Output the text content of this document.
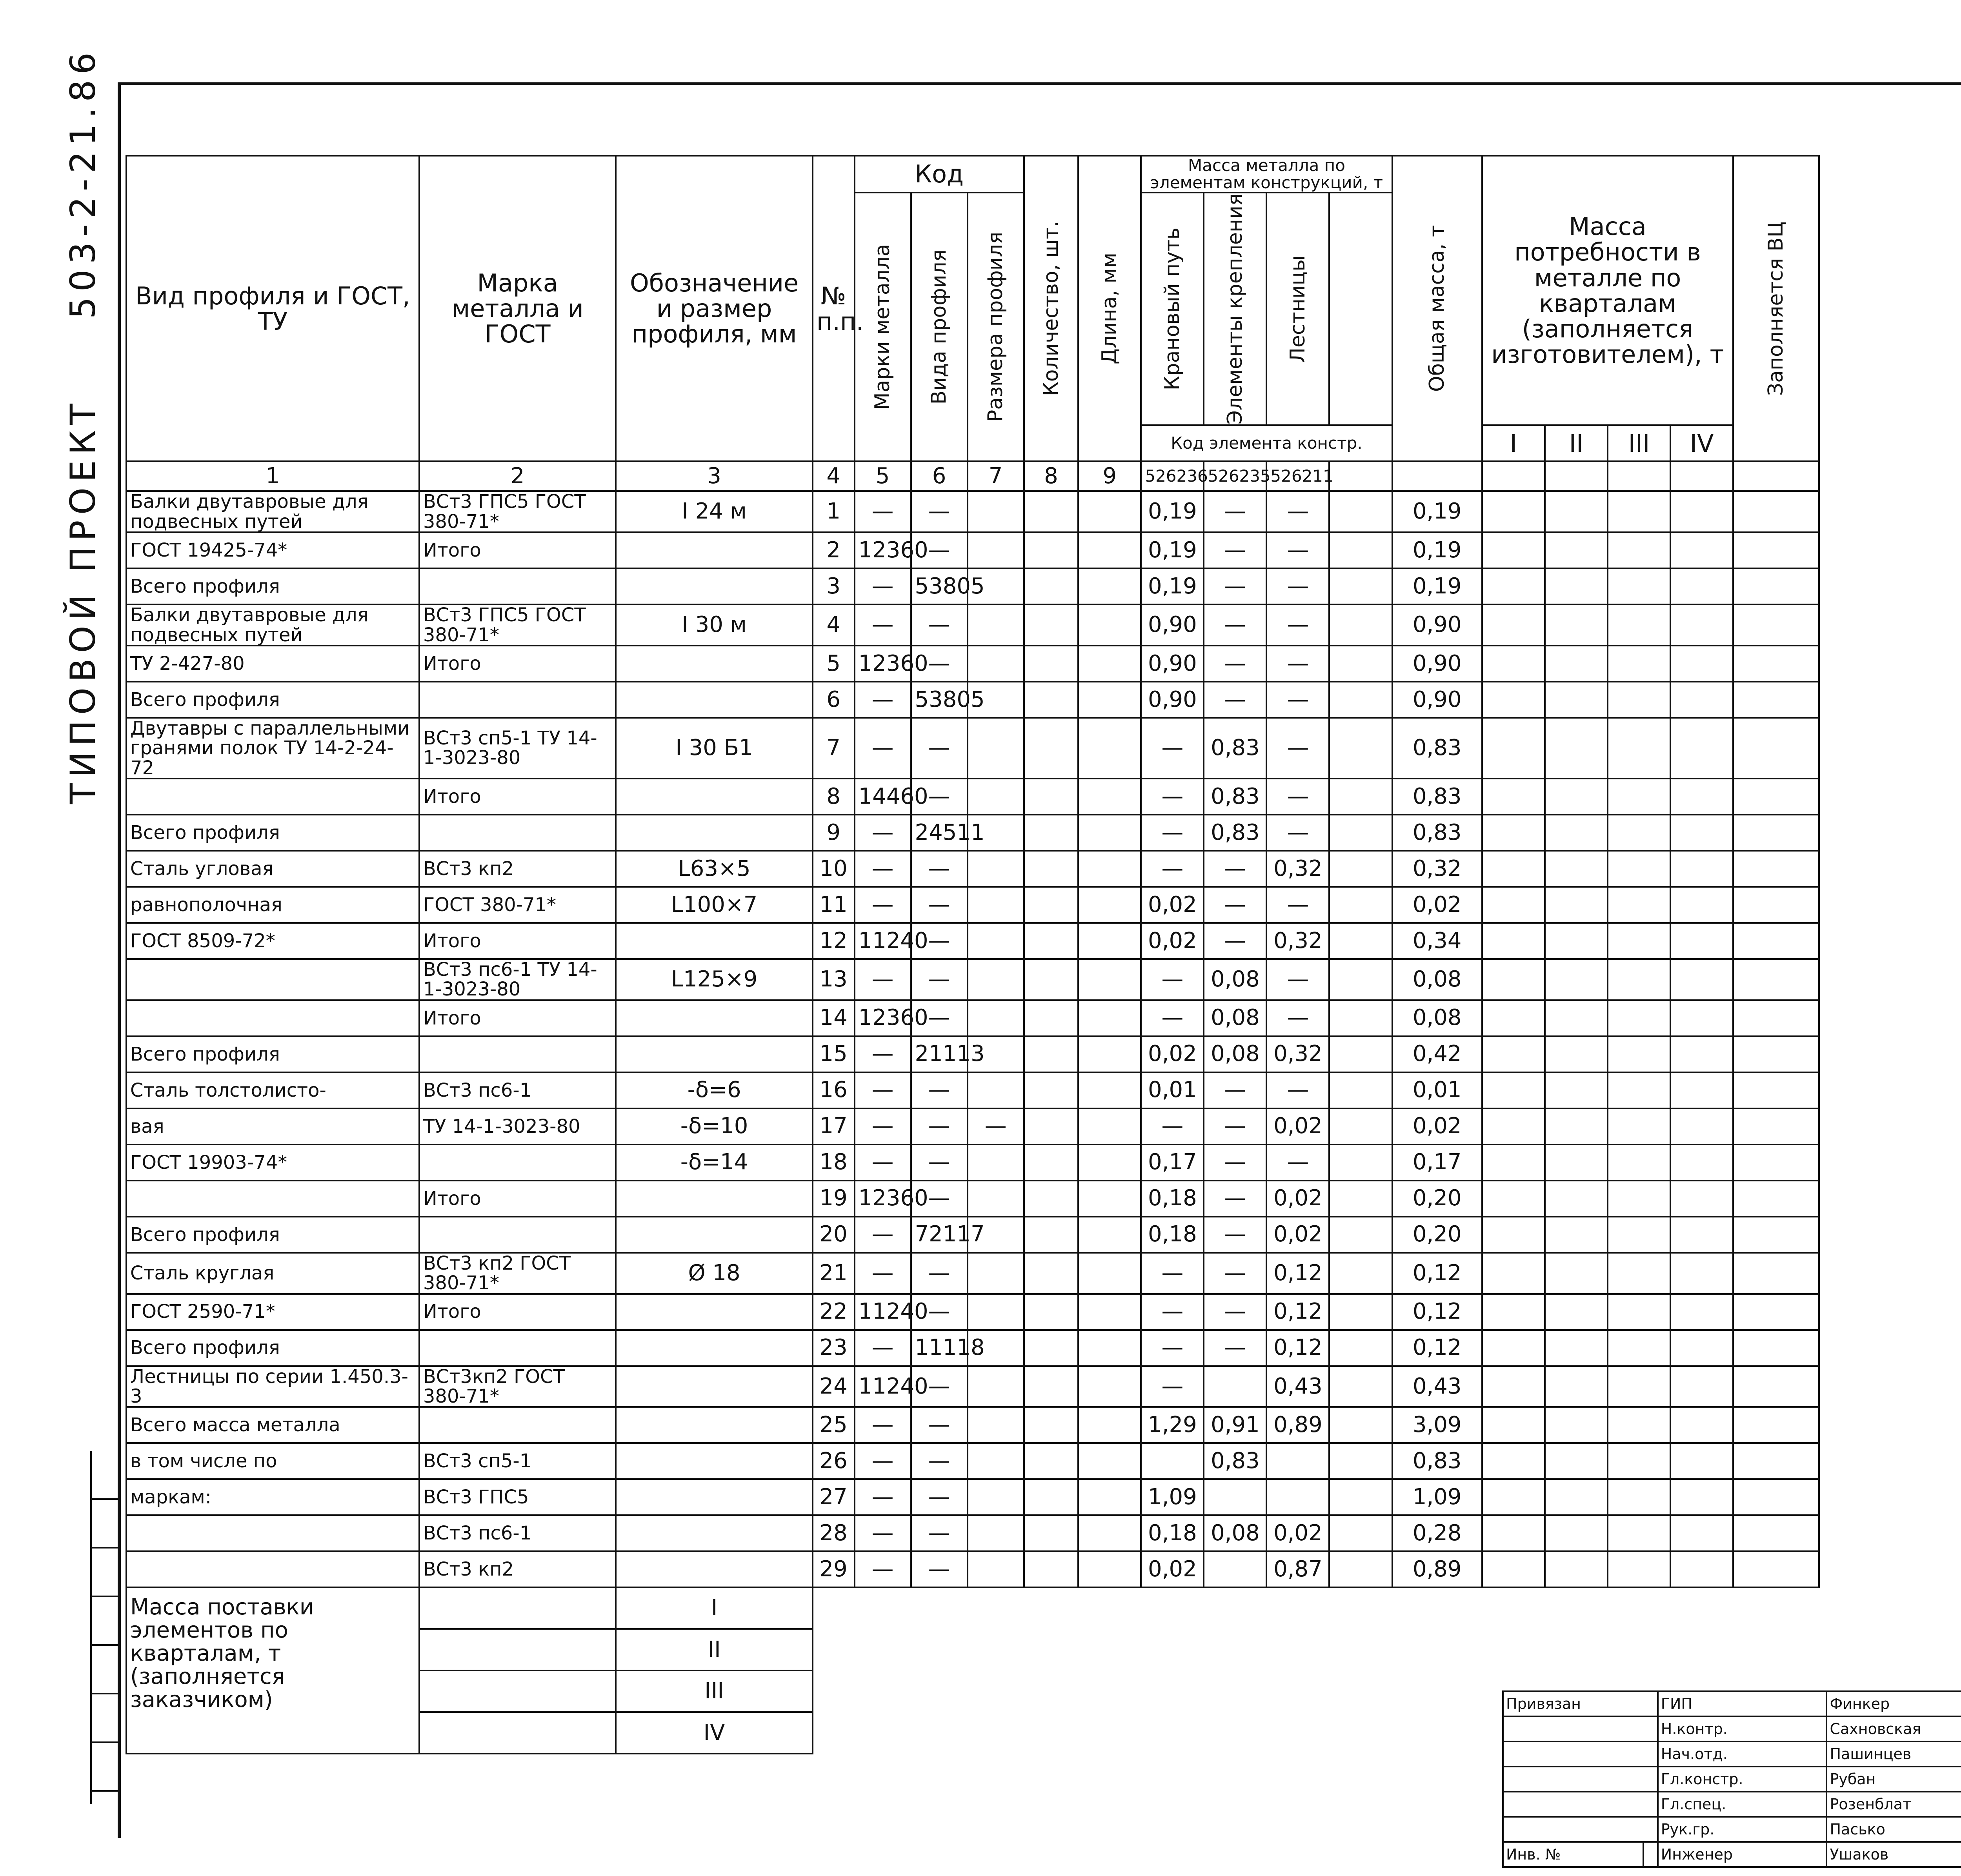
ТИПОВОЙ ПРОЕКТ 503-2-21.86 Вид профиля и ГОСТ, ТУ	Марка металла и ГОСТ	Обозначение и размер профиля, мм	№ п.п.	Код			Количество, шт.	Длина, мм	Масса металла по элементам конструкций, т				Общая масса, т	Масса потребности в металле по кварталам (заполняется изготовителем), т				Заполняется ВЦ

				Марки металла	Вида профиля	Размера профиля			Крановый путь	Элементы крепления	Лестницы							

									Код элемента констр.					I	II	III	IV	
1	2	3	4	5	6	7	8	9	526236	526235	526211							
Балки двутавровые для подвесных путей	ВСт3 ГПС5 ГОСТ 380-71*	I 24 м	1	—	—				0,19	—	—		0,19					
ГОСТ 19425-74*	Итого		2	12360	—				0,19	—	—		0,19					
Всего профиля			3	—	53805				0,19	—	—		0,19					
Балки двутавровые для подвесных путей	ВСт3 ГПС5 ГОСТ 380-71*	I 30 м	4	—	—				0,90	—	—		0,90					
ТУ 2-427-80	Итого		5	12360	—				0,90	—	—		0,90					
Всего профиля			6	—	53805				0,90	—	—		0,90					
Двутавры с параллельными гранями полок ТУ 14-2-24-72	ВСт3 сп5-1 ТУ 14-1-3023-80	I 30 Б1	7	—	—				—	0,83	—		0,83					
	Итого		8	14460	—				—	0,83	—		0,83					
Всего профиля			9	—	24511				—	0,83	—		0,83					
Сталь угловая	ВСт3 кп2	L63×5	10	—	—				—	—	0,32		0,32					
равнополочная	ГОСТ 380-71*	L100×7	11	—	—				0,02	—	—		0,02					
ГОСТ 8509-72*	Итого		12	11240	—				0,02	—	0,32		0,34					
	ВСт3 пс6-1 ТУ 14-1-3023-80	L125×9	13	—	—				—	0,08	—		0,08					
	Итого		14	12360	—				—	0,08	—		0,08					
Всего профиля			15	—	21113				0,02	0,08	0,32		0,42					
Сталь толстолисто-	ВСт3 пс6-1	-δ=6	16	—	—				0,01	—	—		0,01					
вая	ТУ 14-1-3023-80	-δ=10	17	—	—	—			—	—	0,02		0,02					
ГОСТ 19903-74*		-δ=14	18	—	—				0,17	—	—		0,17					
	Итого		19	12360	—				0,18	—	0,02		0,20					
Всего профиля			20	—	72117				0,18	—	0,02		0,20					
Сталь круглая	ВСт3 кп2 ГОСТ 380-71*	Ø 18	21	—	—				—	—	0,12		0,12					
ГОСТ 2590-71*	Итого		22	11240	—				—	—	0,12		0,12					
Всего профиля			23	—	11118				—	—	0,12		0,12					
Лестницы по серии 1.450.3-3	ВСт3кп2 ГОСТ 380-71*		24	11240	—				—		0,43		0,43					
Всего масса металла			25	—	—				1,29	0,91	0,89		3,09					
в том числе по	ВСт3 сп5-1		26	—	—					0,83			0,83					
маркам:	ВСт3 ГПС5		27	—	—				1,09				1,09					
	ВСт3 пс6-1		28	—	—				0,18	0,08	0,02		0,28					
	ВСт3 кп2		29	—	—				0,02		0,87		0,89					
Масса поставки элементов по кварталам, т (заполняется заказчиком)		I																
		II																
		III																
		IV																
Привязан		ГИП	Финкер	
		Н.контр.	Сахновская	
		Нач.отд.	Пашинцев	
		Гл.констр.	Рубан	
		Гл.спец.	Розенблат	
		Рук.гр.	Пасько	
Инв. №		Инженер	Ушаков	
